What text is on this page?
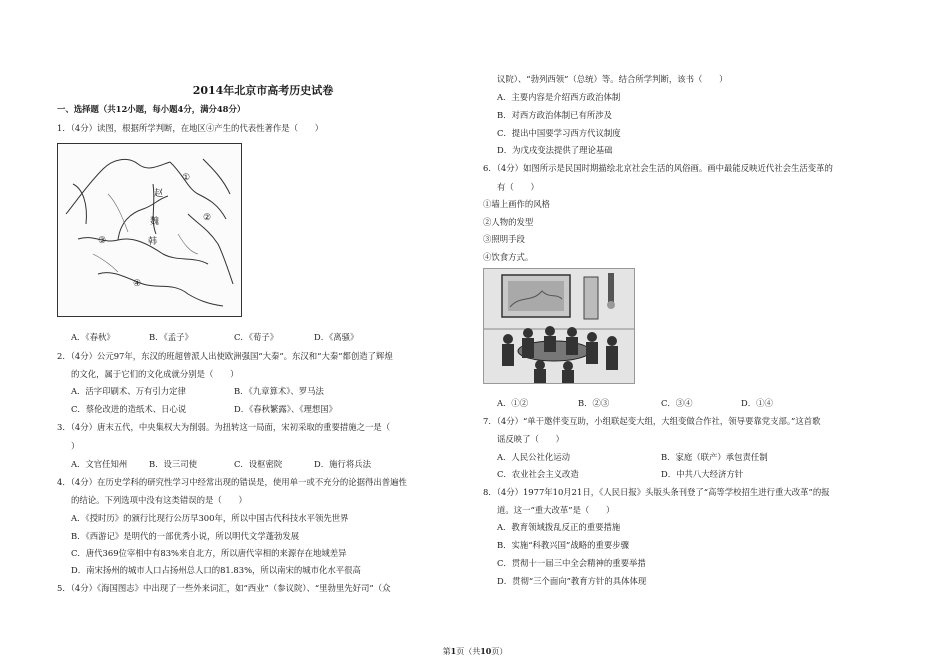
2014年北京市高考历史试卷
一、选择题（共12小题，每小题4分，满分48分）
1．（4分）读图，根据所学判断，在地区④产生的代表性著作是（　　）
赵
魏
韩
①
②
③
④
A．《春秋》	B．《孟子》	C．《荀子》	D．《离骚》
2．（4分）公元97年，东汉的班超曾派人出使欧洲强国“大秦”。东汉和“大秦”都创造了辉煌
的文化，属于它们的文化成就分别是（　　）
A．活字印刷术、万有引力定律	B．《九章算术》、罗马法
C．蔡伦改进的造纸术、日心说	D．《春秋繁露》、《理想国》
3．（4分）唐末五代，中央集权大为削弱。为扭转这一局面，宋初采取的重要措施之一是（
）
A．文官任知州	B．设三司使	C．设枢密院	D．施行将兵法
4．（4分）在历史学科的研究性学习中经常出现的错误是，使用单一或不充分的论据得出普遍性
的结论。下列选项中没有这类错误的是（　　）
A．《授时历》的颁行比现行公历早300年，所以中国古代科技水平领先世界
B．《西游记》是明代的一部优秀小说，所以明代文学蓬勃发展
C．唐代369位宰相中有83%来自北方，所以唐代宰相的来源存在地域差异
D．南宋扬州的城市人口占扬州总人口的81.83%，所以南宋的城市化水平很高
5．（4分）《海国图志》中出现了一些外来词汇，如“西业”（参议院）、“里勃里先好司”（众
议院）、“勃列西领”（总统）等。结合所学判断，该书（　　）
A．主要内容是介绍西方政治体制
B．对西方政治体制已有所涉及
C．提出中国要学习西方代议制度
D．为戊戌变法提供了理论基础
6．（4分）如图所示是民国时期描绘北京社会生活的风俗画。画中最能反映近代社会生活变革的
有（　　）
①墙上画作的风格
②人物的发型
③照明手段
④饮食方式。
A．①②	B．②③	C．③④	D．①④
7．（4分）“单干邀伴变互助，小组联起变大组，大组变做合作社，领导要靠党支部。”这首歌
谣反映了（　　）
A．人民公社化运动	B．家庭（联产）承包责任制
C．农业社会主义改造	D．中共八大经济方针
8．（4分）1977年10月21日，《人民日报》头版头条刊登了“高等学校招生进行重大改革”的报
道。这一“重大改革”是（　　）
A．教育领域拨乱反正的重要措施
B．实施“科教兴国”战略的重要步骤
C．贯彻十一届三中全会精神的重要举措
D．贯彻“三个面向”教育方针的具体体现
第1页（共10页）
